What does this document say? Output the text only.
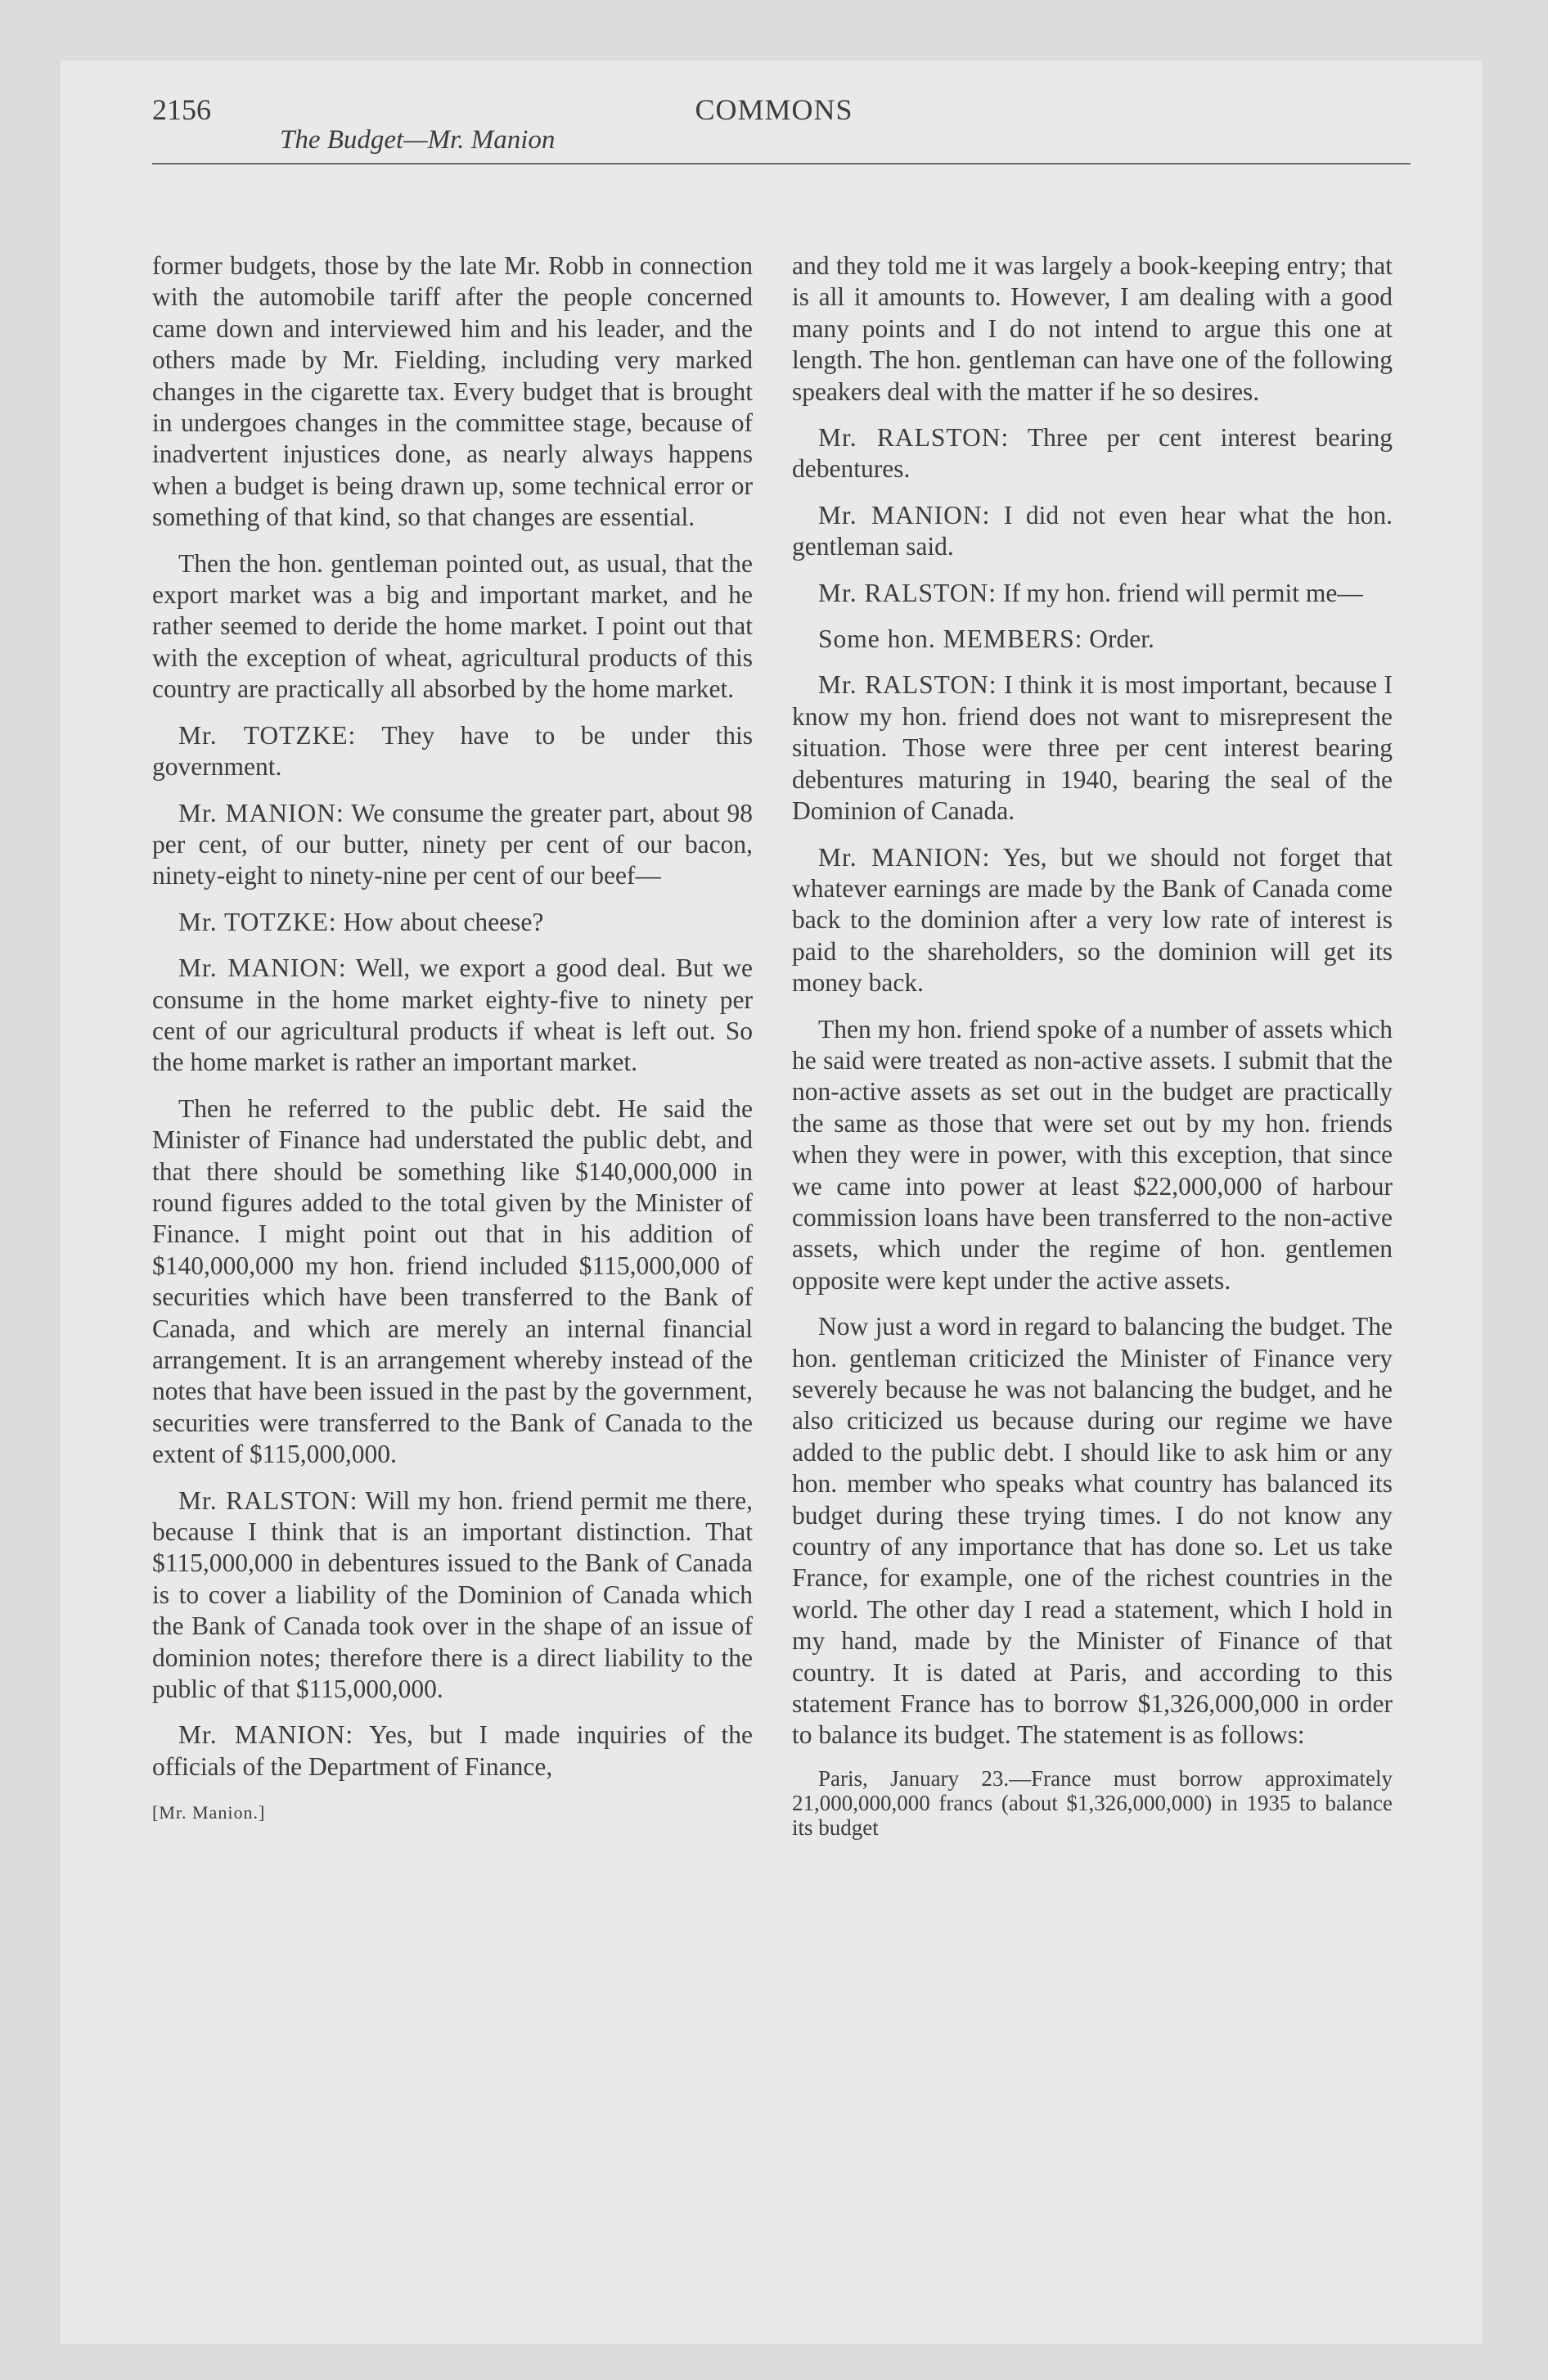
2156	COMMONS
The Budget—Mr. Manion

former budgets, those by the late Mr. Robb in connection with the automobile tariff after the people concerned came down and interviewed him and his leader, and the others made by Mr. Fielding, including very marked changes in the cigarette tax. Every budget that is brought in undergoes changes in the committee stage, because of inadvertent injustices done, as nearly always happens when a budget is being drawn up, some technical error or something of that kind, so that changes are essential.

Then the hon. gentleman pointed out, as usual, that the export market was a big and important market, and he rather seemed to deride the home market. I point out that with the exception of wheat, agricultural products of this country are practically all absorbed by the home market.

Mr. TOTZKE: They have to be under this government.

Mr. MANION: We consume the greater part, about 98 per cent, of our butter, ninety per cent of our bacon, ninety-eight to ninety-nine per cent of our beef—

Mr. TOTZKE: How about cheese?

Mr. MANION: Well, we export a good deal. But we consume in the home market eighty-five to ninety per cent of our agricultural products if wheat is left out. So the home market is rather an important market.

Then he referred to the public debt. He said the Minister of Finance had understated the public debt, and that there should be something like $140,000,000 in round figures added to the total given by the Minister of Finance. I might point out that in his addition of $140,000,000 my hon. friend included $115,000,000 of securities which have been transferred to the Bank of Canada, and which are merely an internal financial arrangement. It is an arrangement whereby instead of the notes that have been issued in the past by the government, securities were transferred to the Bank of Canada to the extent of $115,000,000.

Mr. RALSTON: Will my hon. friend permit me there, because I think that is an important distinction. That $115,000,000 in debentures issued to the Bank of Canada is to cover a liability of the Dominion of Canada which the Bank of Canada took over in the shape of an issue of dominion notes; therefore there is a direct liability to the public of that $115,000,000.

Mr. MANION: Yes, but I made inquiries of the officials of the Department of Finance,

[Mr. Manion.]

and they told me it was largely a book-keeping entry; that is all it amounts to. However, I am dealing with a good many points and I do not intend to argue this one at length. The hon. gentleman can have one of the following speakers deal with the matter if he so desires.

Mr. RALSTON: Three per cent interest bearing debentures.

Mr. MANION: I did not even hear what the hon. gentleman said.

Mr. RALSTON: If my hon. friend will permit me—

Some hon. MEMBERS: Order.

Mr. RALSTON: I think it is most important, because I know my hon. friend does not want to misrepresent the situation. Those were three per cent interest bearing debentures maturing in 1940, bearing the seal of the Dominion of Canada.

Mr. MANION: Yes, but we should not forget that whatever earnings are made by the Bank of Canada come back to the dominion after a very low rate of interest is paid to the shareholders, so the dominion will get its money back.

Then my hon. friend spoke of a number of assets which he said were treated as non-active assets. I submit that the non-active assets as set out in the budget are practically the same as those that were set out by my hon. friends when they were in power, with this exception, that since we came into power at least $22,000,000 of harbour commission loans have been transferred to the non-active assets, which under the regime of hon. gentlemen opposite were kept under the active assets.

Now just a word in regard to balancing the budget. The hon. gentleman criticized the Minister of Finance very severely because he was not balancing the budget, and he also criticized us because during our regime we have added to the public debt. I should like to ask him or any hon. member who speaks what country has balanced its budget during these trying times. I do not know any country of any importance that has done so. Let us take France, for example, one of the richest countries in the world. The other day I read a statement, which I hold in my hand, made by the Minister of Finance of that country. It is dated at Paris, and according to this statement France has to borrow $1,326,000,000 in order to balance its budget. The statement is as follows:

Paris, January 23.—France must borrow approximately 21,000,000,000 francs (about $1,326,000,000) in 1935 to balance its budget
